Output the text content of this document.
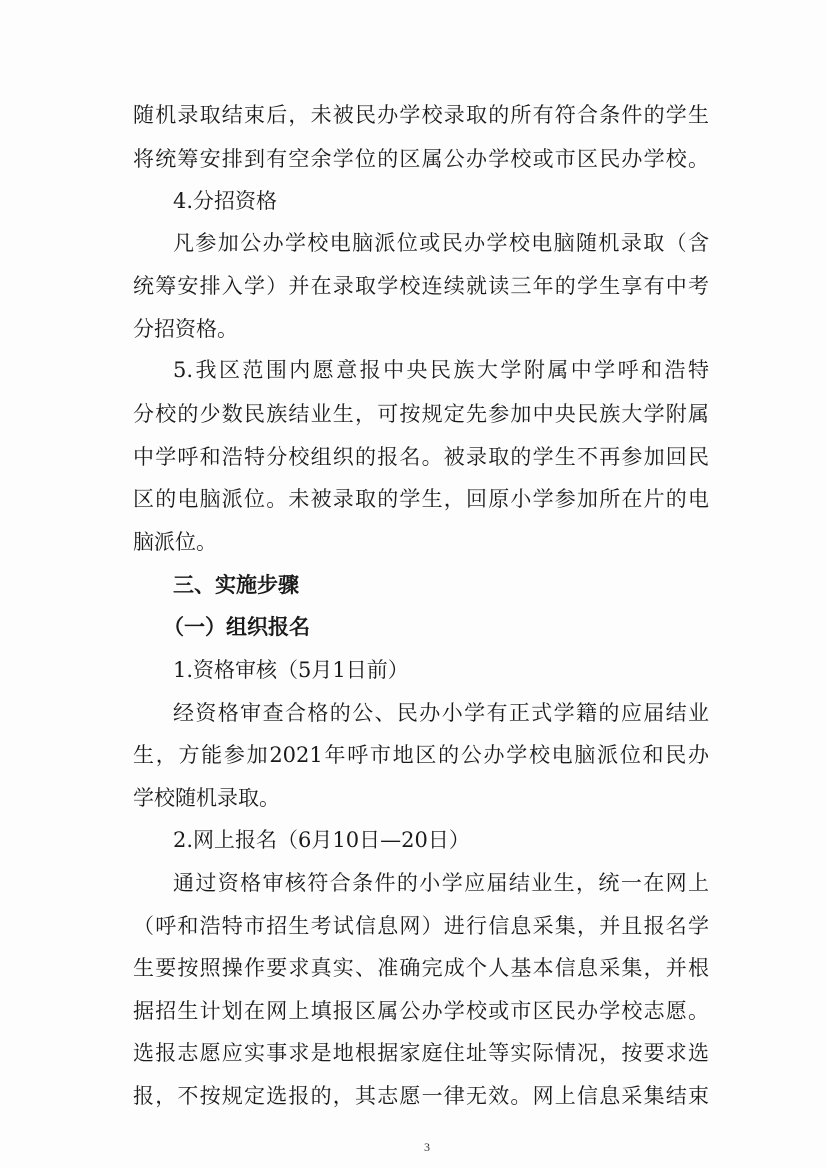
随机录取结束后，未被民办学校录取的所有符合条件的学生
将统筹安排到有空余学位的区属公办学校或市区民办学校。
4.分招资格
凡参加公办学校电脑派位或民办学校电脑随机录取（含
统筹安排入学）并在录取学校连续就读三年的学生享有中考
分招资格。
5.我区范围内愿意报中央民族大学附属中学呼和浩特
分校的少数民族结业生，可按规定先参加中央民族大学附属
中学呼和浩特分校组织的报名。被录取的学生不再参加回民
区的电脑派位。未被录取的学生，回原小学参加所在片的电
脑派位。
三、实施步骤
（一）组织报名
1.资格审核（5月1日前）
经资格审查合格的公、民办小学有正式学籍的应届结业
生，方能参加2021年呼市地区的公办学校电脑派位和民办
学校随机录取。
2.网上报名（6月10日—20日）
通过资格审核符合条件的小学应届结业生，统一在网上
（呼和浩特市招生考试信息网）进行信息采集，并且报名学
生要按照操作要求真实、准确完成个人基本信息采集，并根
据招生计划在网上填报区属公办学校或市区民办学校志愿。
选报志愿应实事求是地根据家庭住址等实际情况，按要求选
报，不按规定选报的，其志愿一律无效。网上信息采集结束
3
